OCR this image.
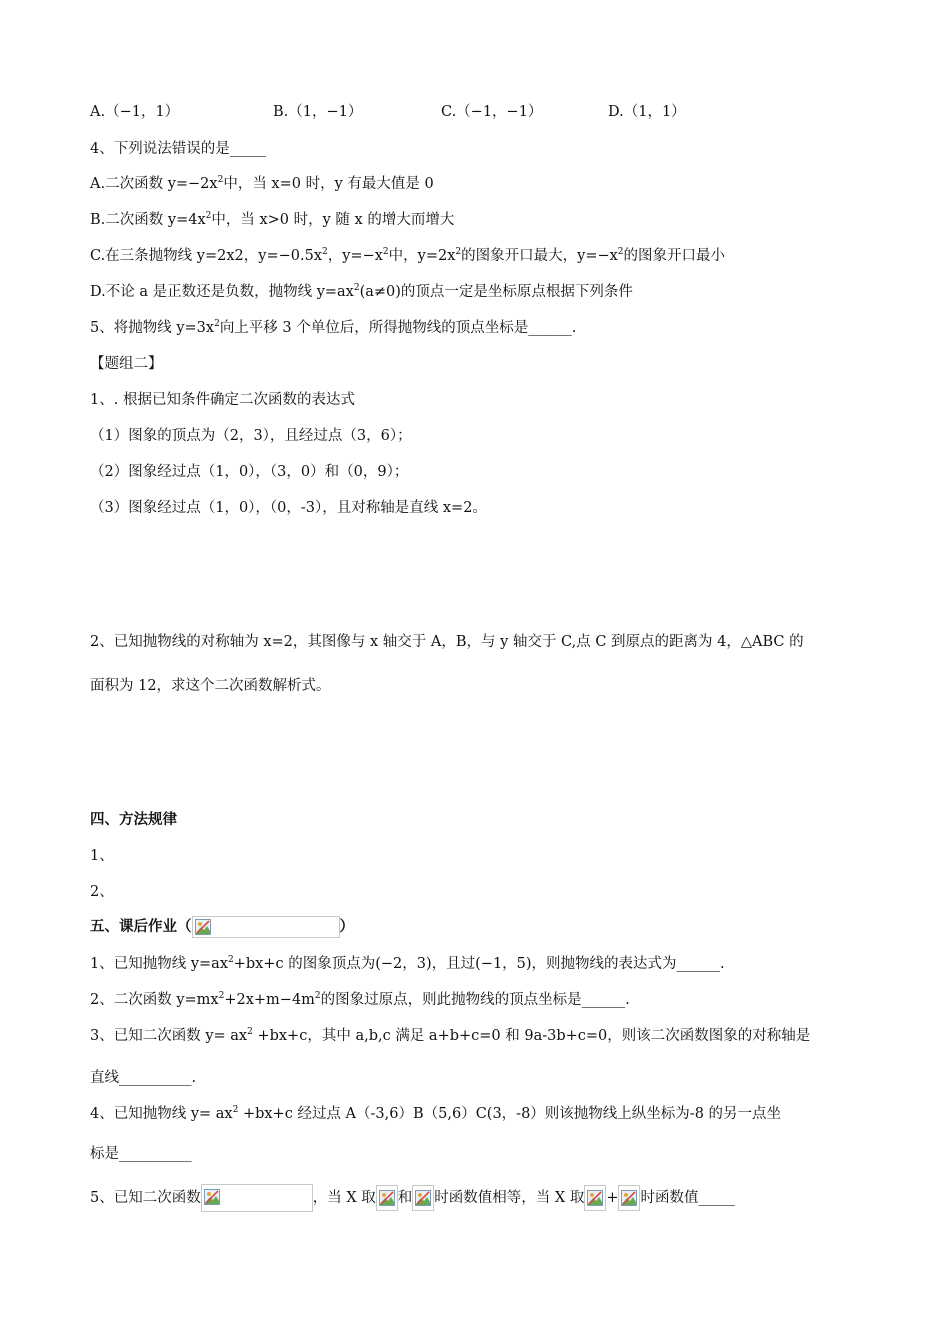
A.（−1，1）	B.（1，−1）	C.（−1，−1）	D.（1，1）
4、下列说法错误的是_____
A.二次函数 $y=-2x^2$中，当 x=0 时，y 有最大值是 0
B.二次函数 $y=4x^2$中，当 x>0 时，y 随 x 的增大而增大
C.在三条抛物线 y=2x2，$y=-0.5x^2$，$y=-x^2$中，$y=2x^2$的图象开口最大，$y=-x^2$的图象开口最小
D.不论 a 是正数还是负数，抛物线 $y=ax^2(a\ne 0)$的顶点一定是坐标原点根据下列条件
5、将抛物线 $y=3x^2$向上平移 3 个单位后，所得抛物线的顶点坐标是______.
【题组二】
1、. 根据已知条件确定二次函数的表达式
（1）图象的顶点为（2，3），且经过点（3，6）；
（2）图象经过点（1，0），（3，0）和（0，9）；
（3）图象经过点（1，0），（0，-3），且对称轴是直线 x=2。
2、已知抛物线的对称轴为 x=2，其图像与 x 轴交于 A，B，与 y 轴交于 C,点 C 到原点的距离为 4，△ABC 的
面积为 12，求这个二次函数解析式。
四、方法规律
1、
2、
五、课后作业（	）
1、已知抛物线 $y=ax^2+bx+c$ 的图象顶点为(−2，3)，且过(−1，5)，则抛物线的表达式为______.
2、二次函数 $y=mx^2+2x+m-4m^2$的图象过原点，则此抛物线的顶点坐标是______.
3、已知二次函数 $y= ax^2 +bx+c$，其中 a,b,c 满足 a+b+c=0 和 9a-3b+c=0，则该二次函数图象的对称轴是
直线__________.
4、已知抛物线 $y= ax^2 +bx+c$ 经过点 A（-3,6）B（5,6）C(3，-8）则该抛物线上纵坐标为-8 的另一点坐
标是__________
5、已知二次函数	，当 X 取 和 时函数值相等，当 X 取 + 时函数值_____
